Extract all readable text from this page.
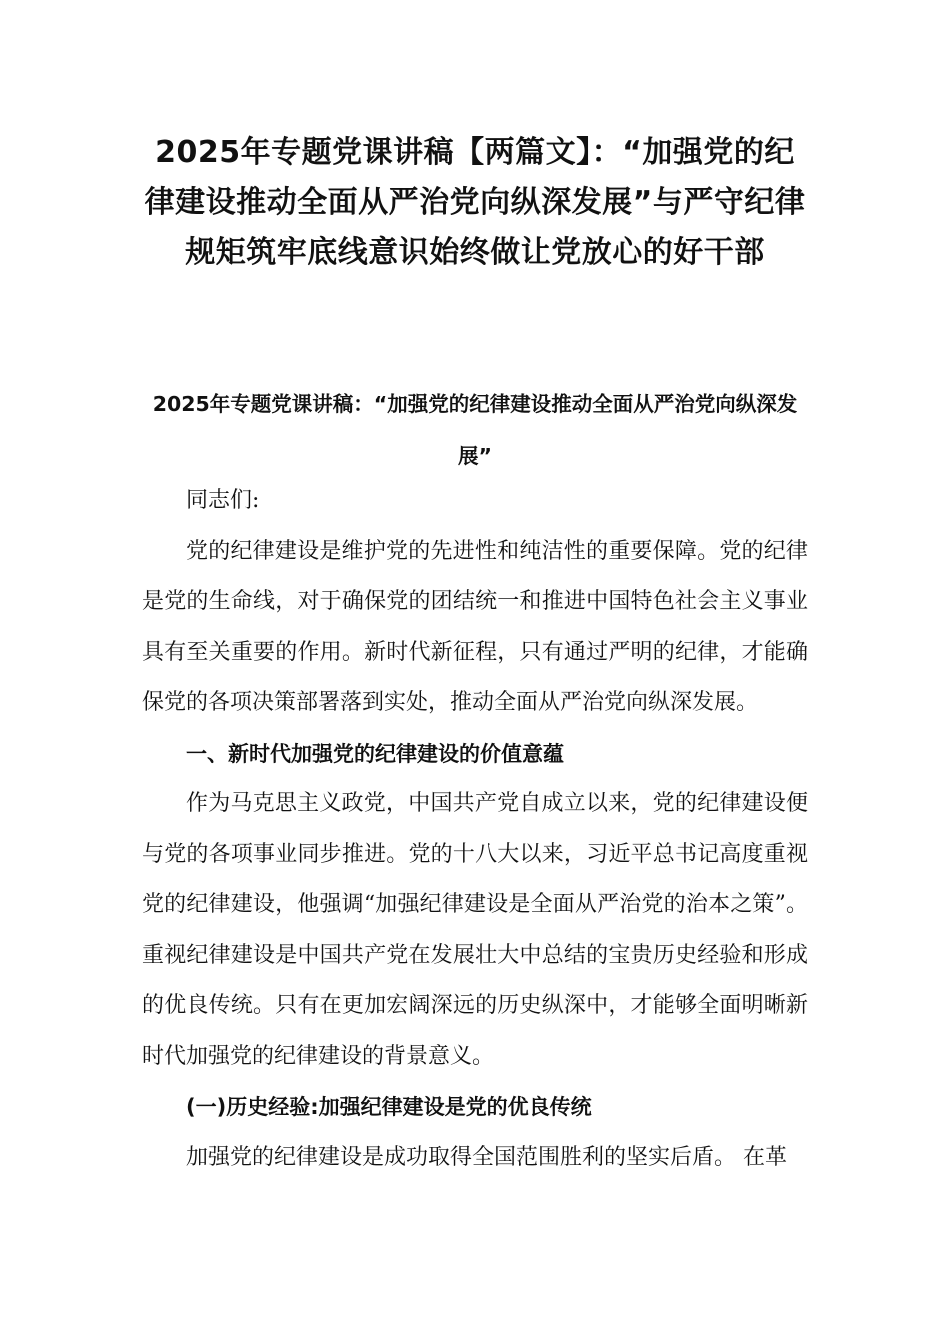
2025年专题党课讲稿【两篇文】：“加强党的纪律建设推动全面从严治党向纵深发展”与严守纪律规矩筑牢底线意识始终做让党放心的好干部
2025年专题党课讲稿：“加强党的纪律建设推动全面从严治党向纵深发展”

同志们:

党的纪律建设是维护党的先进性和纯洁性的重要保障。党的纪律是党的生命线，对于确保党的团结统一和推进中国特色社会主义事业具有至关重要的作用。新时代新征程，只有通过严明的纪律，才能确保党的各项决策部署落到实处，推动全面从严治党向纵深发展。

一、新时代加强党的纪律建设的价值意蕴

作为马克思主义政党，中国共产党自成立以来，党的纪律建设便与党的各项事业同步推进。党的十八大以来，习近平总书记高度重视党的纪律建设，他强调“加强纪律建设是全面从严治党的治本之策”。重视纪律建设是中国共产党在发展壮大中总结的宝贵历史经验和形成的优良传统。只有在更加宏阔深远的历史纵深中，才能够全面明晰新时代加强党的纪律建设的背景意义。

(一)历史经验:加强纪律建设是党的优良传统

加强党的纪律建设是成功取得全国范围胜利的坚实后盾。 在革
